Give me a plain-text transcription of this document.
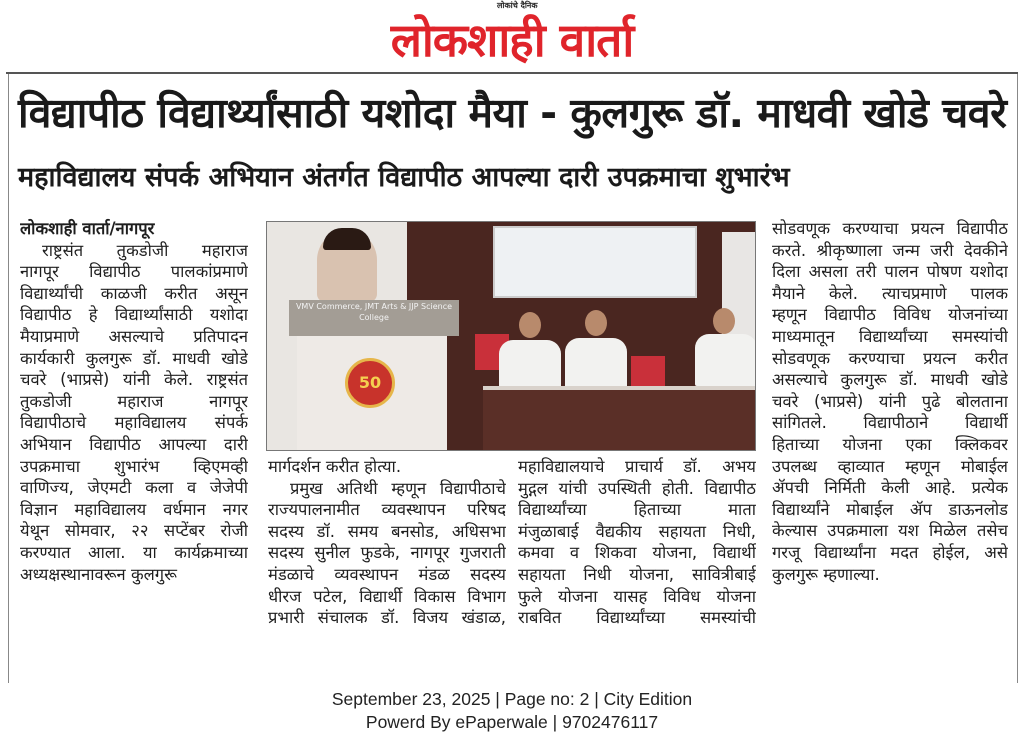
लोकांचे दैनिक
लोकशाही वार्ता
विद्यापीठ विद्यार्थ्यांसाठी यशोदा मैया - कुलगुरू डॉ. माधवी खोडे चवरे
महाविद्यालय संपर्क अभियान अंतर्गत विद्यापीठ आपल्या दारी उपक्रमाचा शुभारंभ
लोकशाही वार्ता/नागपूर
राष्ट्रसंत तुकडोजी महाराज
नागपूर विद्यापीठ पालकांप्रमाणे
विद्यार्थ्यांची काळजी करीत असून
विद्यापीठ हे विद्यार्थ्यांसाठी यशोदा
मैयाप्रमाणे असल्याचे प्रतिपादन
कार्यकारी कुलगुरू डॉ. माधवी खोडे
चवरे (भाप्रसे) यांनी केले. राष्ट्रसंत
तुकडोजी महाराज नागपूर
विद्यापीठाचे महाविद्यालय संपर्क
अभियान विद्यापीठ आपल्या दारी
उपक्रमाचा शुभारंभ व्हिएमव्ही
वाणिज्य, जेएमटी कला व जेजेपी
विज्ञान महाविद्यालय वर्धमान नगर
येथून सोमवार, २२ सप्टेंबर रोजी
करण्यात आला. या कार्यक्रमाच्या
अध्यक्षस्थानावरून कुलगुरू
मार्गदर्शन करीत होत्या.
प्रमुख अतिथी म्हणून विद्यापीठाचे
राज्यपालनामीत व्यवस्थापन परिषद
सदस्य डॉ. समय बनसोड, अधिसभा
सदस्य सुनील फुडके, नागपूर गुजराती
मंडळाचे व्यवस्थापन मंडळ सदस्य
धीरज पटेल, विद्यार्थी विकास विभाग
प्रभारी संचालक डॉ. विजय खंडाळ,
महाविद्यालयाचे प्राचार्य डॉ. अभय
मुद्गल यांची उपस्थिती होती. विद्यापीठ
विद्यार्थ्यांच्या हिताच्या माता
मंजुळाबाई वैद्यकीय सहायता निधी,
कमवा व शिकवा योजना, विद्यार्थी
सहायता निधी योजना, सावित्रीबाई
फुले योजना यासह विविध योजना
राबवित विद्यार्थ्यांच्या समस्यांची
सोडवणूक करण्याचा प्रयत्न विद्यापीठ
करते. श्रीकृष्णाला जन्म जरी देवकीने
दिला असला तरी पालन पोषण यशोदा
मैयाने केले. त्याचप्रमाणे पालक
म्हणून विद्यापीठ विविध योजनांच्या
माध्यमातून विद्यार्थ्यांच्या समस्यांची
सोडवणूक करण्याचा प्रयत्न करीत
असल्याचे कुलगुरू डॉ. माधवी खोडे
चवरे (भाप्रसे) यांनी पुढे बोलताना
सांगितले. विद्यापीठाने विद्यार्थी
हिताच्या योजना एका क्लिकवर
उपलब्ध व्हाव्यात म्हणून मोबाईल
ॲपची निर्मिती केली आहे. प्रत्येक
विद्यार्थ्यांने मोबाईल ॲप डाऊनलोड
केल्यास उपक्रमाला यश मिळेल तसेच
गरजू विद्यार्थ्यांना मदत होईल, असे
कुलगुरू म्हणाल्या.
VMV Commerce, JMT Arts & JJP Science College
50
September 23, 2025 | Page no: 2 | City Edition
Powerd By ePaperwale | 9702476117
